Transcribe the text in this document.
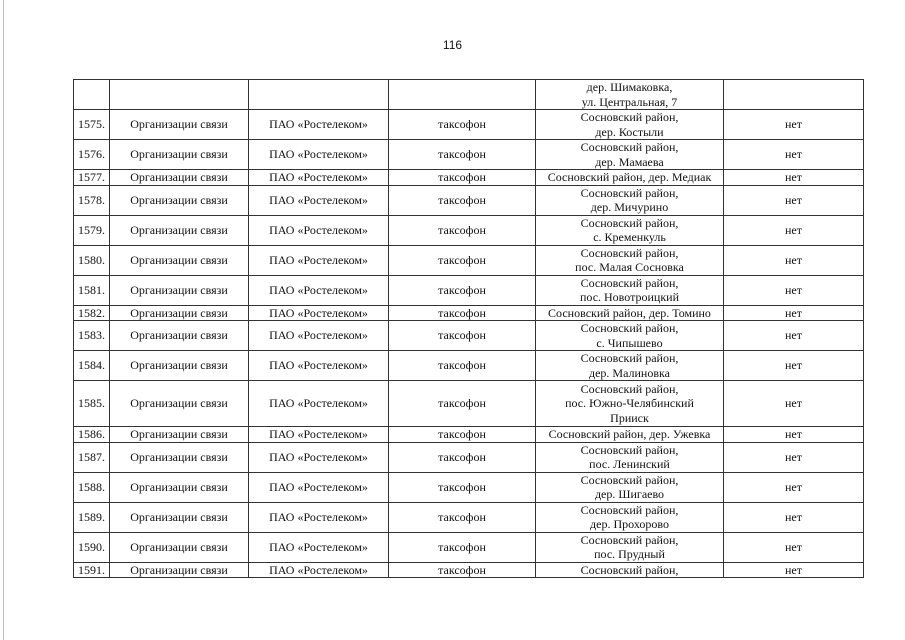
116

				дер. Шимаковка,
ул. Центральная, 7	

1575.	Организации связи	ПАО «Ростелеком»	таксофон	Сосновский район,
дер. Костыли	нет
1576.	Организации связи	ПАО «Ростелеком»	таксофон	Сосновский район,
дер. Мамаева	нет
1577.	Организации связи	ПАО «Ростелеком»	таксофон	Сосновский район, дер. Медиак	нет
1578.	Организации связи	ПАО «Ростелеком»	таксофон	Сосновский район,
дер. Мичурино	нет
1579.	Организации связи	ПАО «Ростелеком»	таксофон	Сосновский район,
с. Кременкуль	нет
1580.	Организации связи	ПАО «Ростелеком»	таксофон	Сосновский район,
пос. Малая Сосновка	нет
1581.	Организации связи	ПАО «Ростелеком»	таксофон	Сосновский район,
пос. Новотроицкий	нет
1582.	Организации связи	ПАО «Ростелеком»	таксофон	Сосновский район, дер. Томино	нет
1583.	Организации связи	ПАО «Ростелеком»	таксофон	Сосновский район,
с. Чипышево	нет
1584.	Организации связи	ПАО «Ростелеком»	таксофон	Сосновский район,
дер. Малиновка	нет
1585.	Организации связи	ПАО «Ростелеком»	таксофон	Сосновский район,
пос. Южно-Челябинский
Прииск	нет
1586.	Организации связи	ПАО «Ростелеком»	таксофон	Сосновский район, дер. Ужевка	нет
1587.	Организации связи	ПАО «Ростелеком»	таксофон	Сосновский район,
пос. Ленинский	нет
1588.	Организации связи	ПАО «Ростелеком»	таксофон	Сосновский район,
дер. Шигаево	нет
1589.	Организации связи	ПАО «Ростелеком»	таксофон	Сосновский район,
дер. Прохорово	нет
1590.	Организации связи	ПАО «Ростелеком»	таксофон	Сосновский район,
пос. Прудный	нет
1591.	Организации связи	ПАО «Ростелеком»	таксофон	Сосновский район,	нет
